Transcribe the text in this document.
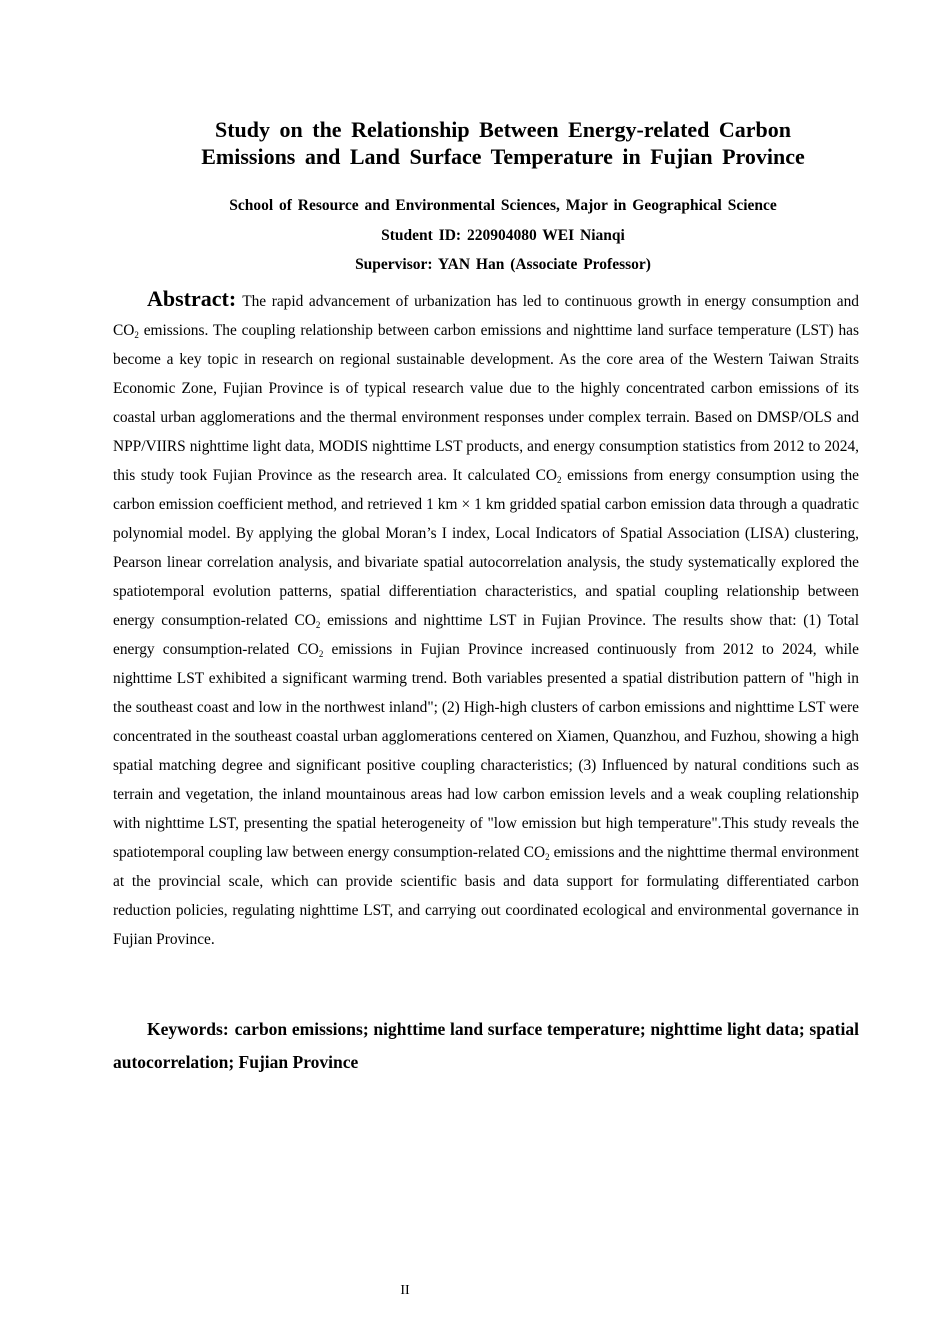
Study on the Relationship Between Energy-related Carbon
Emissions and Land Surface Temperature in Fujian Province
School of Resource and Environmental Sciences, Major in Geographical Science
Student ID: 220904080 WEI Nianqi
Supervisor: YAN Han (Associate Professor)

Abstract: The rapid advancement of urbanization has led to continuous growth in energy consumption and $CO_2$ emissions. The coupling relationship between carbon emissions and nighttime land surface temperature (LST) has become a key topic in research on regional sustainable development. As the core area of the Western Taiwan Straits Economic Zone, Fujian Province is of typical research value due to the highly concentrated carbon emissions of its coastal urban agglomerations and the thermal environment responses under complex terrain. Based on DMSP/OLS and NPP/VIIRS nighttime light data, MODIS nighttime LST products, and energy consumption statistics from 2012 to 2024, this study took Fujian Province as the research area. It calculated $CO_2$ emissions from energy consumption using the carbon emission coefficient method, and retrieved 1 km × 1 km gridded spatial carbon emission data through a quadratic polynomial model. By applying the global Moran’s I index, Local Indicators of Spatial Association (LISA) clustering, Pearson linear correlation analysis, and bivariate spatial autocorrelation analysis, the study systematically explored the spatiotemporal evolution patterns, spatial differentiation characteristics, and spatial coupling relationship between energy consumption-related $CO_2$ emissions and nighttime LST in Fujian Province. The results show that: (1) Total energy consumption-related $CO_2$ emissions in Fujian Province increased continuously from 2012 to 2024, while nighttime LST exhibited a significant warming trend. Both variables presented a spatial distribution pattern of "high in the southeast coast and low in the northwest inland"; (2) High-high clusters of carbon emissions and nighttime LST were concentrated in the southeast coastal urban agglomerations centered on Xiamen, Quanzhou, and Fuzhou, showing a high spatial matching degree and significant positive coupling characteristics; (3) Influenced by natural conditions such as terrain and vegetation, the inland mountainous areas had low carbon emission levels and a weak coupling relationship with nighttime LST, presenting the spatial heterogeneity of "low emission but high temperature".This study reveals the spatiotemporal coupling law between energy consumption-related $CO_2$ emissions and the nighttime thermal environment at the provincial scale, which can provide scientific basis and data support for formulating differentiated carbon reduction policies, regulating nighttime LST, and carrying out coordinated ecological and environmental governance in Fujian Province.

Keywords: carbon emissions; nighttime land surface temperature; nighttime light data; spatial autocorrelation; Fujian Province

II
